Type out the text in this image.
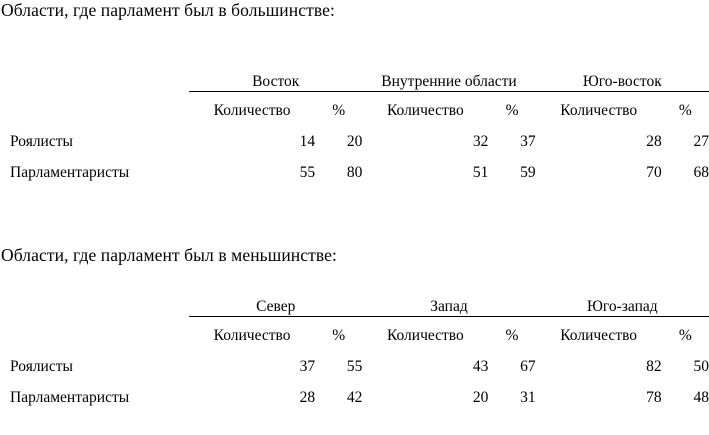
Области, где парламент был в большинстве:
	Восток		Внутренние области		Юго-восток	
	Количество	%	Количество	%	Количество	%
Роялисты	14	20	32	37	28	27
Парламентаристы	55	80	51	59	70	68
Области, где парламент был в меньшинстве:
	Север		Запад		Юго-запад	
	Количество	%	Количество	%	Количество	%
Роялисты	37	55	43	67	82	50
Парламентаристы	28	42	20	31	78	48
